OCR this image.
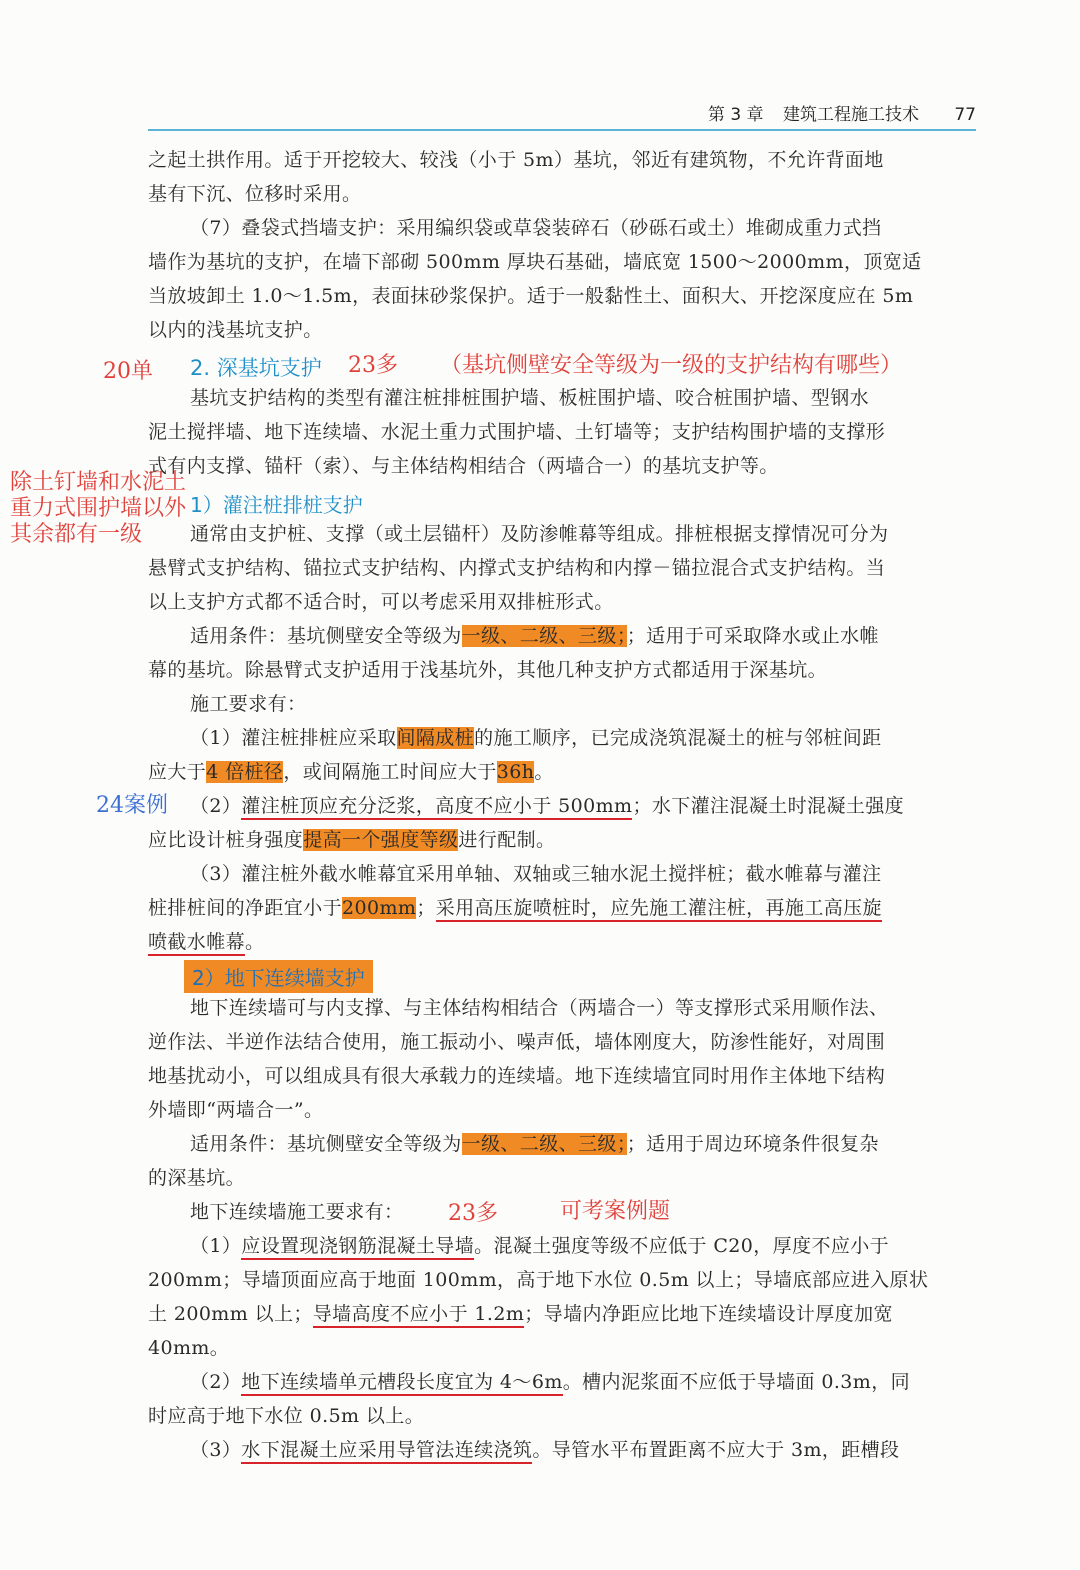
第 3 章 建筑工程施工技术 77
之起土拱作用。适于开挖较大、较浅（小于 5m）基坑，邻近有建筑物，不允许背面地
基有下沉、位移时采用。
（7）叠袋式挡墙支护：采用编织袋或草袋装碎石（砂砾石或土）堆砌成重力式挡
墙作为基坑的支护，在墙下部砌 500mm 厚块石基础，墙底宽 1500～2000mm，顶宽适
当放坡卸土 1.0～1.5m，表面抹砂浆保护。适于一般黏性土、面积大、开挖深度应在 5m
以内的浅基坑支护。
20单 2. 深基坑支护 23多 （基坑侧壁安全等级为一级的支护结构有哪些）
基坑支护结构的类型有灌注桩排桩围护墙、板桩围护墙、咬合桩围护墙、型钢水
泥土搅拌墙、地下连续墙、水泥土重力式围护墙、土钉墙等；支护结构围护墙的支撑形
式有内支撑、锚杆（索）、与主体结构相结合（两墙合一）的基坑支护等。
1）灌注桩排桩支护
除土钉墙和水泥土
重力式围护墙以外
其余都有一级	通常由支护桩、支撑（或土层锚杆）及防渗帷幕等组成。排桩根据支撑情况可分为
悬臂式支护结构、锚拉式支护结构、内撑式支护结构和内撑－锚拉混合式支护结构。当
以上支护方式都不适合时，可以考虑采用双排桩形式。
适用条件：基坑侧壁安全等级为一级、二级、三级；；适用于可采取降水或止水帷
幕的基坑。除悬臂式支护适用于浅基坑外，其他几种支护方式都适用于深基坑。
施工要求有：
（1）灌注桩排桩应采取间隔成桩的施工顺序，已完成浇筑混凝土的桩与邻桩间距
应大于4 倍桩径，或间隔施工时间应大于36h。
24案例 （2）灌注桩顶应充分泛浆，高度不应小于 500mm；水下灌注混凝土时混凝土强度
应比设计桩身强度提高一个强度等级进行配制。
（3）灌注桩外截水帷幕宜采用单轴、双轴或三轴水泥土搅拌桩；截水帷幕与灌注
桩排桩间的净距宜小于200mm；采用高压旋喷桩时，应先施工灌注桩，再施工高压旋
喷截水帷幕。
2）地下连续墙支护
地下连续墙可与内支撑、与主体结构相结合（两墙合一）等支撑形式采用顺作法、
逆作法、半逆作法结合使用，施工振动小、噪声低，墙体刚度大，防渗性能好，对周围
地基扰动小，可以组成具有很大承载力的连续墙。地下连续墙宜同时用作主体地下结构
外墙即“两墙合一”。
适用条件：基坑侧壁安全等级为一级、二级、三级；；适用于周边环境条件很复杂
的深基坑。
地下连续墙施工要求有：	23多	可考案例题
（1）应设置现浇钢筋混凝土导墙。混凝土强度等级不应低于 C20，厚度不应小于
200mm；导墙顶面应高于地面 100mm，高于地下水位 0.5m 以上；导墙底部应进入原状
土 200mm 以上；导墙高度不应小于 1.2m；导墙内净距应比地下连续墙设计厚度加宽
40mm。
（2）地下连续墙单元槽段长度宜为 4～6m。槽内泥浆面不应低于导墙面 0.3m，同
时应高于地下水位 0.5m 以上。
（3）水下混凝土应采用导管法连续浇筑。导管水平布置距离不应大于 3m，距槽段
